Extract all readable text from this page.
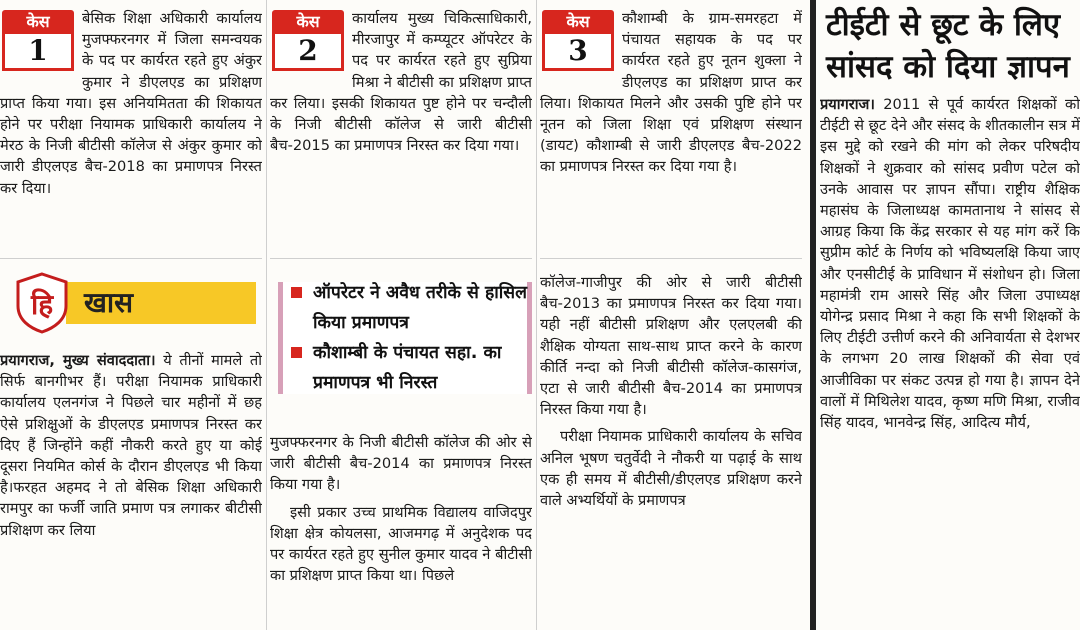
केस
1

बेसिक शिक्षा अधिकारी कार्यालय मुजफ्फरनगर में जिला समन्वयक के पद पर कार्यरत रहते हुए अंकुर कुमार ने डीएलएड का प्रशिक्षण प्राप्त किया गया। इस अनियमितता की शिकायत होने पर परीक्षा नियामक प्राधिकारी कार्यालय ने मेरठ के निजी बीटीसी कॉलेज से अंकुर कुमार को जारी डीएलएड बैच-2018 का प्रमाणपत्र निरस्त कर दिया।

हि खास

प्रयागराज, मुख्य संवाददाता। ये तीनों मामले तो सिर्फ बानगीभर हैं। परीक्षा नियामक प्राधिकारी कार्यालय एलनगंज ने पिछले चार महीनों में छह ऐसे प्रशिक्षुओं के डीएलएड प्रमाणपत्र निरस्त कर दिए हैं जिन्होंने कहीं नौकरी करते हुए या कोई दूसरा नियमित कोर्स के दौरान डीएलएड भी किया है।फरहत अहमद ने तो बेसिक शिक्षा अधिकारी रामपुर का फर्जी जाति प्रमाण पत्र लगाकर बीटीसी प्रशिक्षण कर लिया

केस
2

कार्यालय मुख्य चिकित्साधिकारी, मीरजापुर में कम्प्यूटर ऑपरेटर के पद पर कार्यरत रहते हुए सुप्रिया मिश्रा ने बीटीसी का प्रशिक्षण प्राप्त कर लिया। इसकी शिकायत पुष्ट होने पर चन्दौली के निजी बीटीसी कॉलेज से जारी बीटीसी बैच-2015 का प्रमाणपत्र निरस्त कर दिया गया।

ऑपरेटर ने अवैध तरीके से हासिल किया प्रमाणपत्र
कौशाम्बी के पंचायत सहा. का प्रमाणपत्र भी निरस्त

मुजफ्फरनगर के निजी बीटीसी कॉलेज की ओर से जारी बीटीसी बैच-2014 का प्रमाणपत्र निरस्त किया गया है।

इसी प्रकार उच्च प्राथमिक विद्यालय वाजिदपुर शिक्षा क्षेत्र कोयलसा, आजमगढ़ में अनुदेशक पद पर कार्यरत रहते हुए सुनील कुमार यादव ने बीटीसी का प्रशिक्षण प्राप्त किया था। पिछले

केस
3

कौशाम्बी के ग्राम-समरहटा में पंचायत सहायक के पद पर कार्यरत रहते हुए नूतन शुक्ला ने डीएलएड का प्रशिक्षण प्राप्त कर लिया। शिकायत मिलने और उसकी पुष्टि होने पर नूतन को जिला शिक्षा एवं प्रशिक्षण संस्थान (डायट) कौशाम्बी से जारी डीएलएड बैच-2022 का प्रमाणपत्र निरस्त कर दिया गया है।

कॉलेज-गाजीपुर की ओर से जारी बीटीसी बैच-2013 का प्रमाणपत्र निरस्त कर दिया गया।यही नहीं बीटीसी प्रशिक्षण और एलएलबी की शैक्षिक योग्यता साथ-साथ प्राप्त करने के कारण कीर्ति नन्दा को निजी बीटीसी कॉलेज-कासगंज, एटा से जारी बीटीसी बैच-2014 का प्रमाणपत्र निरस्त किया गया है।

परीक्षा नियामक प्राधिकारी कार्यालय के सचिव अनिल भूषण चतुर्वेदी ने नौकरी या पढ़ाई के साथ एक ही समय में बीटीसी/डीएलएड प्रशिक्षण करने वाले अभ्यर्थियों के प्रमाणपत्र

टीईटी से छूट के लिए सांसद को दिया ज्ञापन

प्रयागराज। 2011 से पूर्व कार्यरत शिक्षकों को टीईटी से छूट देने और संसद के शीतकालीन सत्र में इस मुद्दे को रखने की मांग को लेकर परिषदीय शिक्षकों ने शुक्रवार को सांसद प्रवीण पटेल को उनके आवास पर ज्ञापन सौंपा। राष्ट्रीय शैक्षिक महासंघ के जिलाध्यक्ष कामतानाथ ने सांसद से आग्रह किया कि केंद्र सरकार से यह मांग करें कि सुप्रीम कोर्ट के निर्णय को भविष्यलक्षि किया जाए और एनसीटीई के प्राविधान में संशोधन हो। जिला महामंत्री राम आसरे सिंह और जिला उपाध्यक्ष योगेन्द्र प्रसाद मिश्रा ने कहा कि सभी शिक्षकों के लिए टीईटी उत्तीर्ण करने की अनिवार्यता से देशभर के लगभग 20 लाख शिक्षकों की सेवा एवं आजीविका पर संकट उत्पन्न हो गया है। ज्ञापन देने वालों में मिथिलेश यादव, कृष्ण मणि मिश्रा, राजीव सिंह यादव, भानवेन्द्र सिंह, आदित्य मौर्य,
